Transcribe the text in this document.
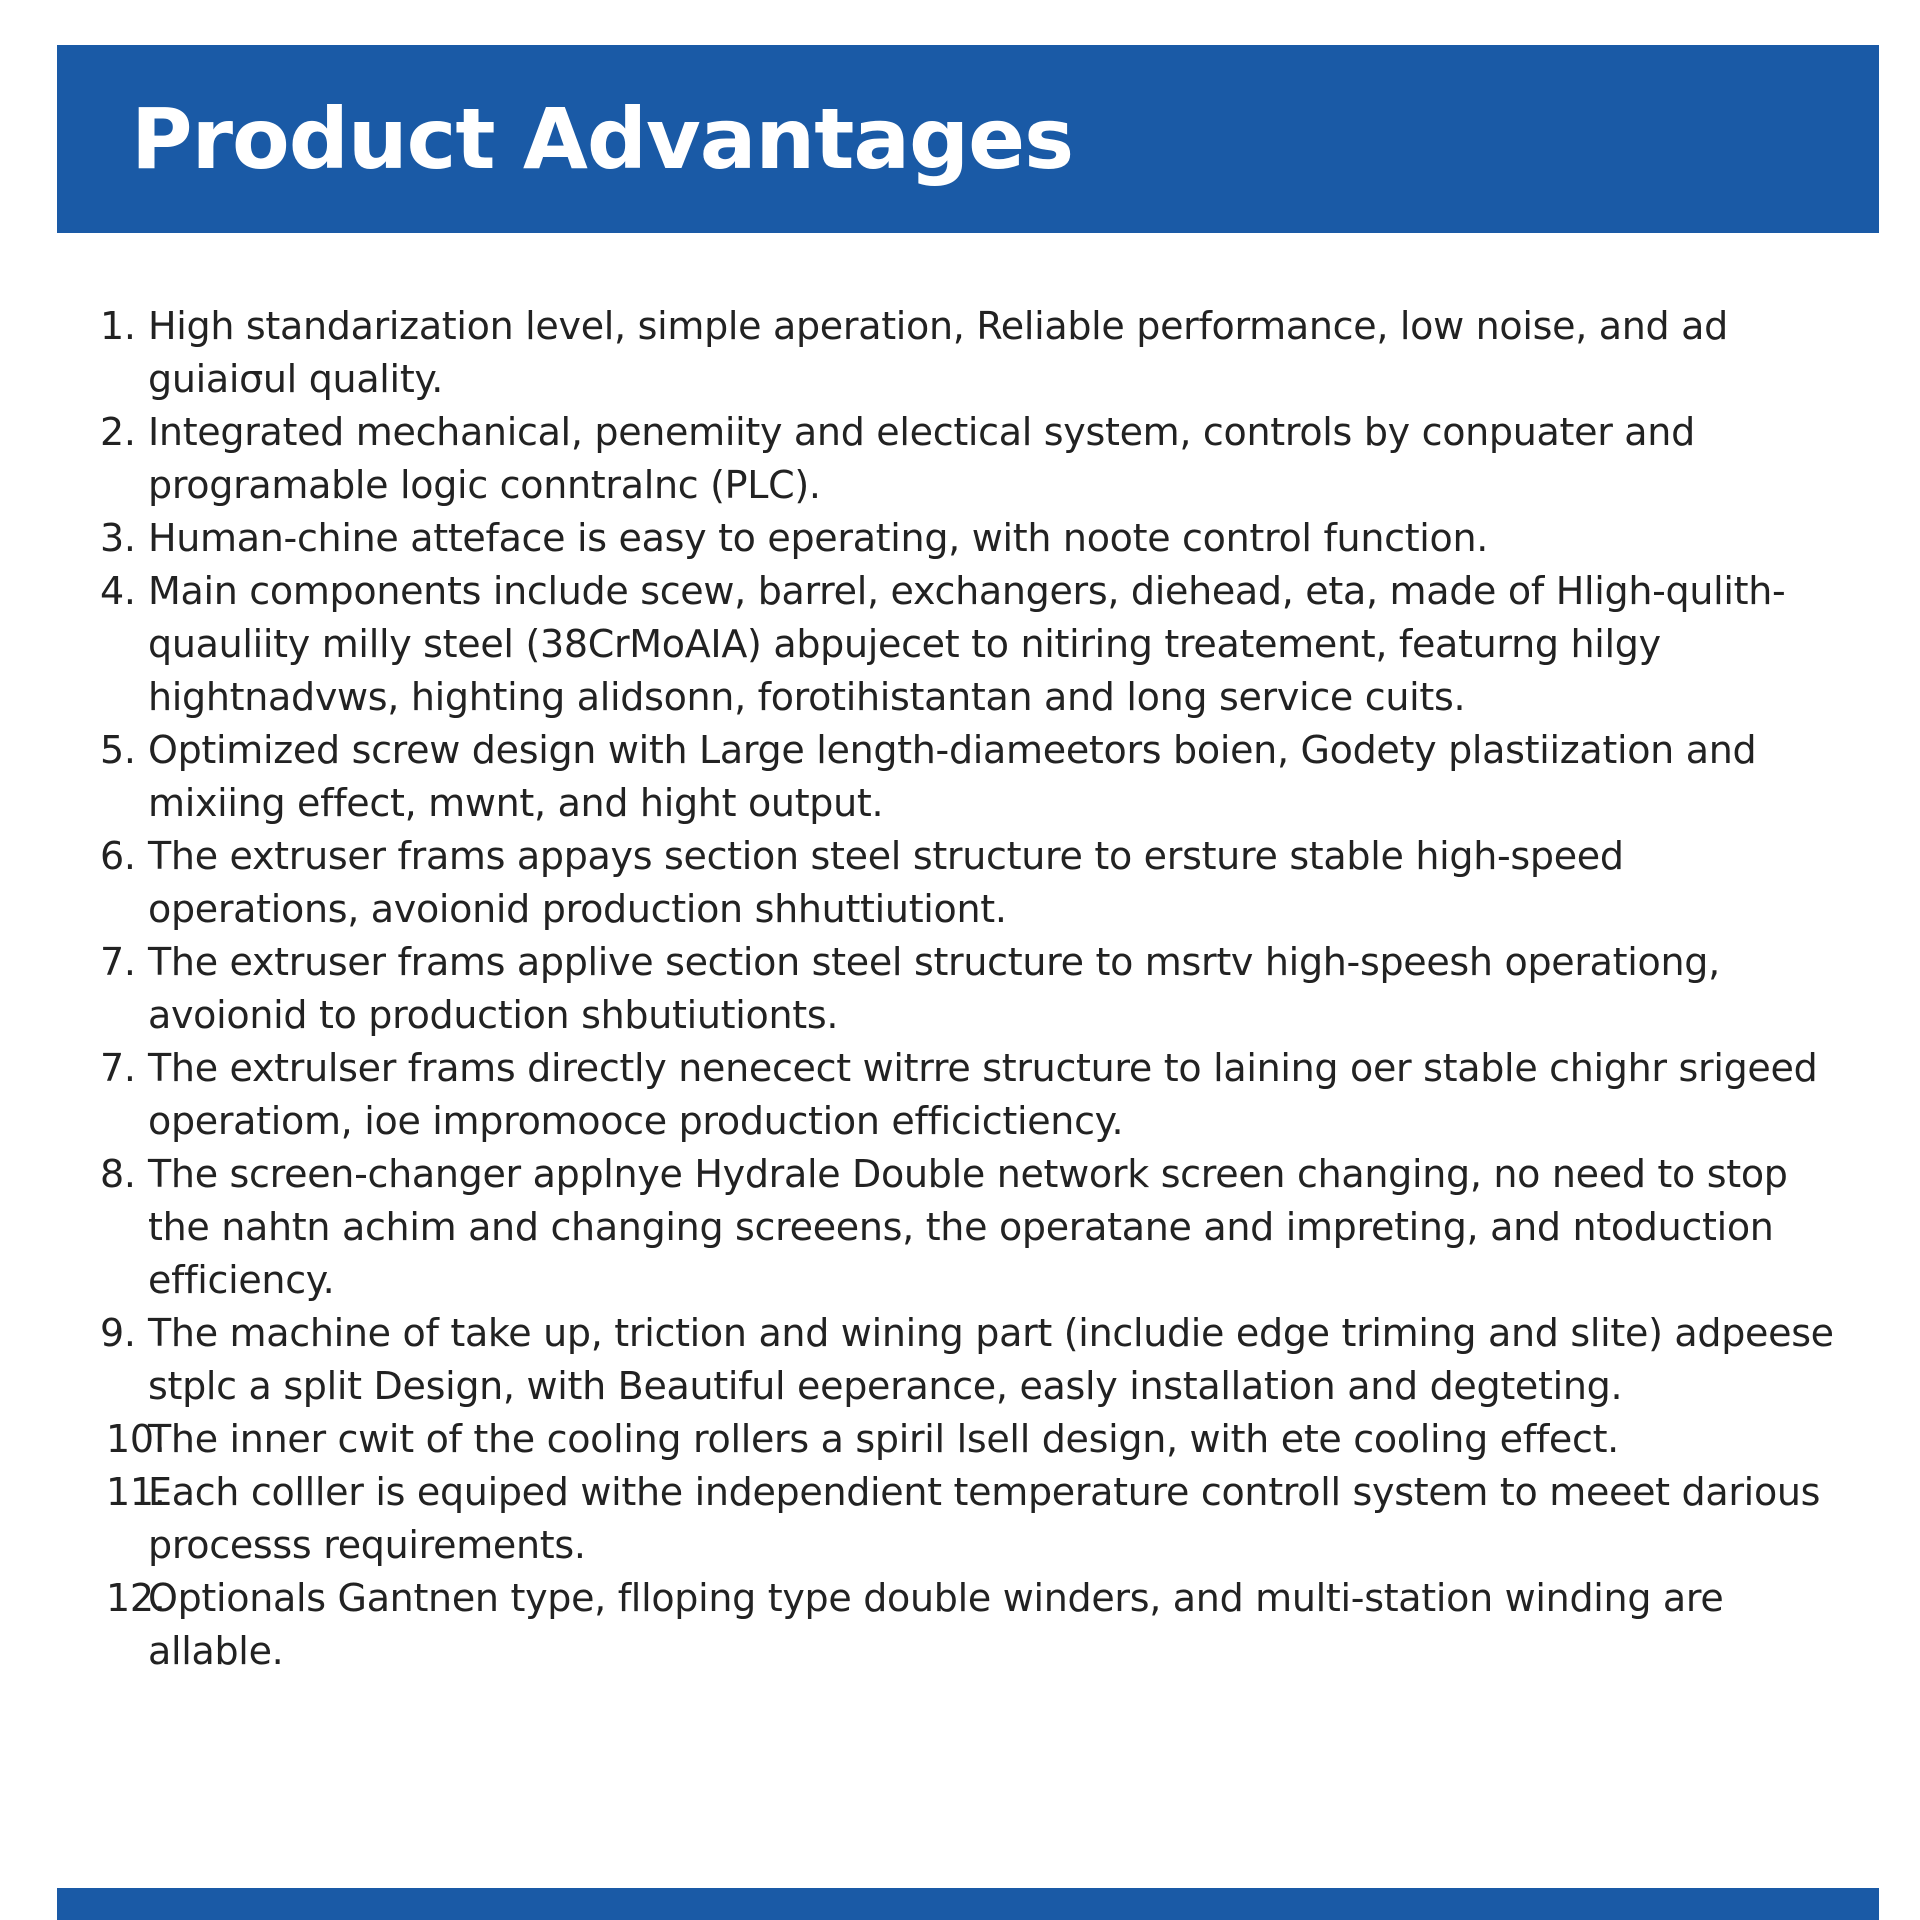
Product Advantages
1. High standarization level, simple aperation, Reliable performance, low noise, and ad guiaiσul quality.
2. Integrated mechanical, penemiity and electical system, controls by conpuater and programable logic conntralnc (PLC).
3. Human-chine atteface is easy to eperating, with noote control function.
4. Main components include scew, barrel, exchangers, diehead, eta, made of Hligh-qulith-quauliity milly steel (38CrMoAIA) abpujecet to nitiring treatement, featurng hilgy hightnadvws, highting alidsonn, forotihistantan and long service cuits.
5. Optimized screw design with Large length-diameetors boien, Godety plastiization and mixiing effect, mwnt, and hight output.
6. The extruser frams appays section steel structure to ersture stable high-speed operations, avoionid production shhuttiutiont.
7. The extruser frams applive section steel structure to msrtv high-speesh operationg, avoionid to production shbutiutionts.
7. The extrulser frams directly nenecect witrre structure to laining oer stable chighr srigeed operatiom, ioe impromooce production efficictiency.
8. The screen-changer applnye Hydrale Double network screen changing, no need to stop the nahtn achim and changing screeens, the operatane and impreting, and ntoduction efficiency.
9. The machine of take up, triction and wining part (includie edge triming and slite) adpeese stplc a split Design, with Beautiful eeperance, easly installation and degteting.
10.
The inner cwit of the cooling rollers a spiril lsell design, with ete cooling effect.
11.
Each colller is equiped withe independient temperature controll system to meeet darious processs requirements.
12.
Optionals Gantnen type, flloping type double winders, and multi-station winding are allable.
